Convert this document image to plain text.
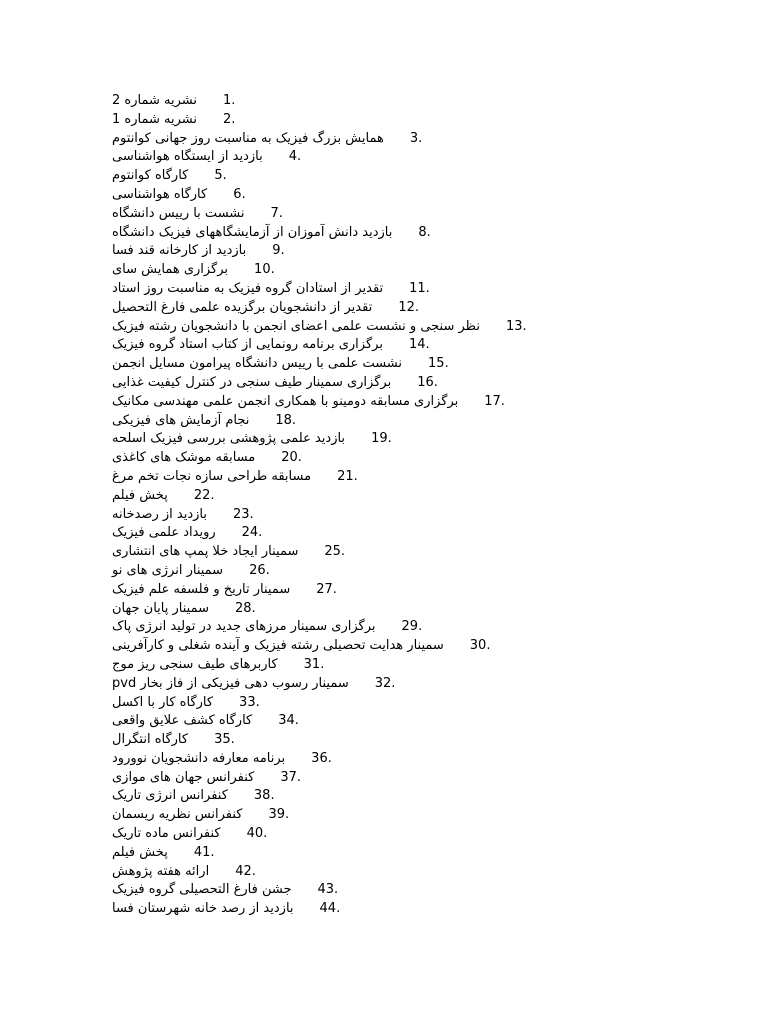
نشریه شماره 2 1.
نشریه شماره 1 2.
همایش بزرگ فیزیک به مناسبت روز جهانی کوانتوم 3.
بازدید از ایستگاه هواشناسی 4.
کارگاه کوانتوم 5.
کارگاه هواشناسی 6.
نشست با رییس دانشگاه 7.
بازدید دانش آموزان از آزمایشگاههای فیزیک دانشگاه 8.
بازدید از کارخانه قند فسا 9.
برگزاری همایش سای 10.
تقدیر از استادان گروه فیزیک به مناسبت روز استاد 11.
تقدیر از دانشجویان برگزیده علمی فارغ التحصیل 12.
نظر سنجی و نشست علمی اعضای انجمن با دانشجویان رشته فیزیک 13.
برگزاری برنامه رونمایی از کتاب استاد گروه فیزیک 14.
نشست علمی با رییس دانشگاه پیرامون مسایل انجمن 15.
برگزاری سمینار طیف سنجی در کنترل کیفیت غذایی 16.
برگزاری مسابقه دومینو با همکاری انجمن علمی مهندسی مکانیک 17.
نجام آزمایش های فیزیکی 18.
بازدید علمی پژوهشی بررسی فیزیک اسلحه 19.
مسابقه موشک های کاغذی 20.
مسابقه طراحی سازه نجات تخم مرغ 21.
پخش فیلم 22.
بازدید از رصدخانه 23.
رویداد علمی فیزیک 24.
سمینار ایجاد خلا پمپ های انتشاری 25.
سمینار انرژی های نو 26.
سمینار تاریخ و فلسفه علم فیزیک 27.
سمینار پایان جهان 28.
برگزاری سمینار مرزهای جدید در تولید انرژی پاک 29.
سمینار هدایت تحصیلی رشته فیزیک و آینده شغلی و کارآفرینی 30.
کاربرهای طیف سنجی ریز موج 31.
سمینار رسوب دهی فیزیکی از فاز بخار pvd 32.
کارگاه کار با اکسل 33.
کارگاه کشف علایق واقعی 34.
کارگاه انتگرال 35.
برنامه معارفه دانشجویان نوورود 36.
کنفرانس جهان های موازی 37.
کنفرانس انرژی تاریک 38.
کنفرانس نظریه ریسمان 39.
کنفرانس ماده تاریک 40.
پخش فیلم 41.
ارائه هفته پژوهش 42.
جشن فارغ التحصیلی گروه فیزیک 43.
بازدید از رصد خانه شهرستان فسا 44.
